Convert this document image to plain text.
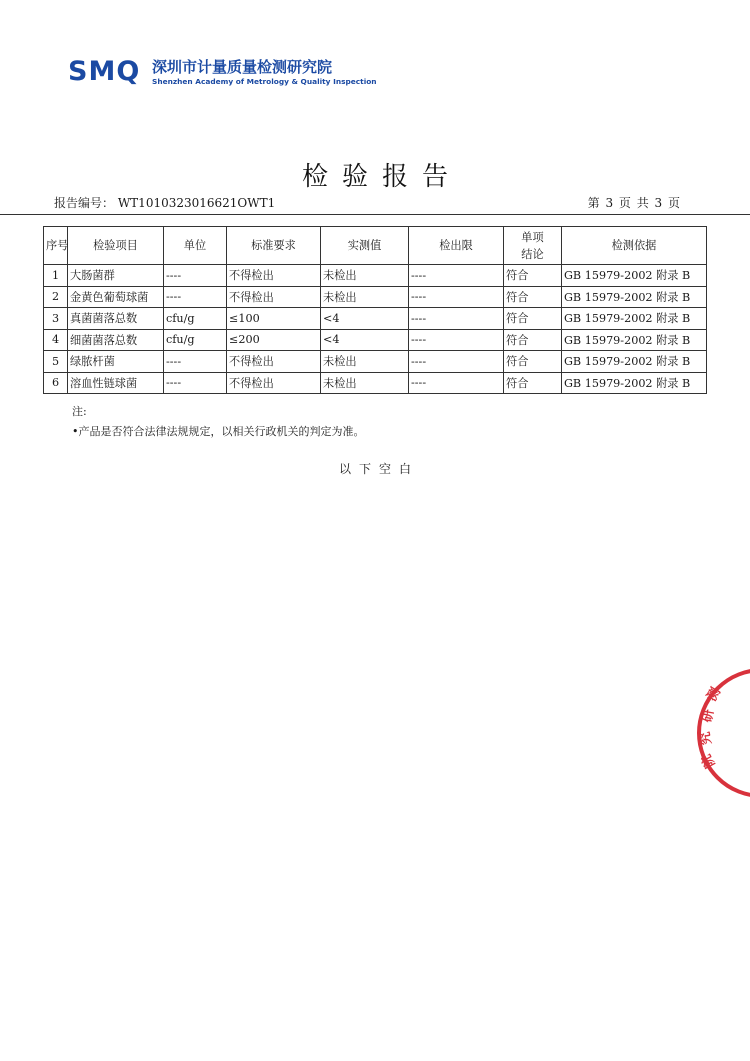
SMQ 深圳市计量质量检测研究院
Shenzhen Academy of Metrology & Quality Inspection
检验报告
报告编号： WT1010323016621OWT1	第 3 页 共 3 页
序号	检验项目	单位	标准要求	实测值	检出限	单项结论	检测依据
1	大肠菌群	----	不得检出	未检出	----	符合	GB 15979-2002 附录 B
2	金黄色葡萄球菌	----	不得检出	未检出	----	符合	GB 15979-2002 附录 B
3	真菌菌落总数	cfu/g	≤100	<4	----	符合	GB 15979-2002 附录 B
4	细菌菌落总数	cfu/g	≤200	<4	----	符合	GB 15979-2002 附录 B
5	绿脓杆菌	----	不得检出	未检出	----	符合	GB 15979-2002 附录 B
6	溶血性链球菌	----	不得检出	未检出	----	符合	GB 15979-2002 附录 B
注:
•产品是否符合法律法规规定，以相关行政机关的判定为准。
以下空白
测
研
究
院
